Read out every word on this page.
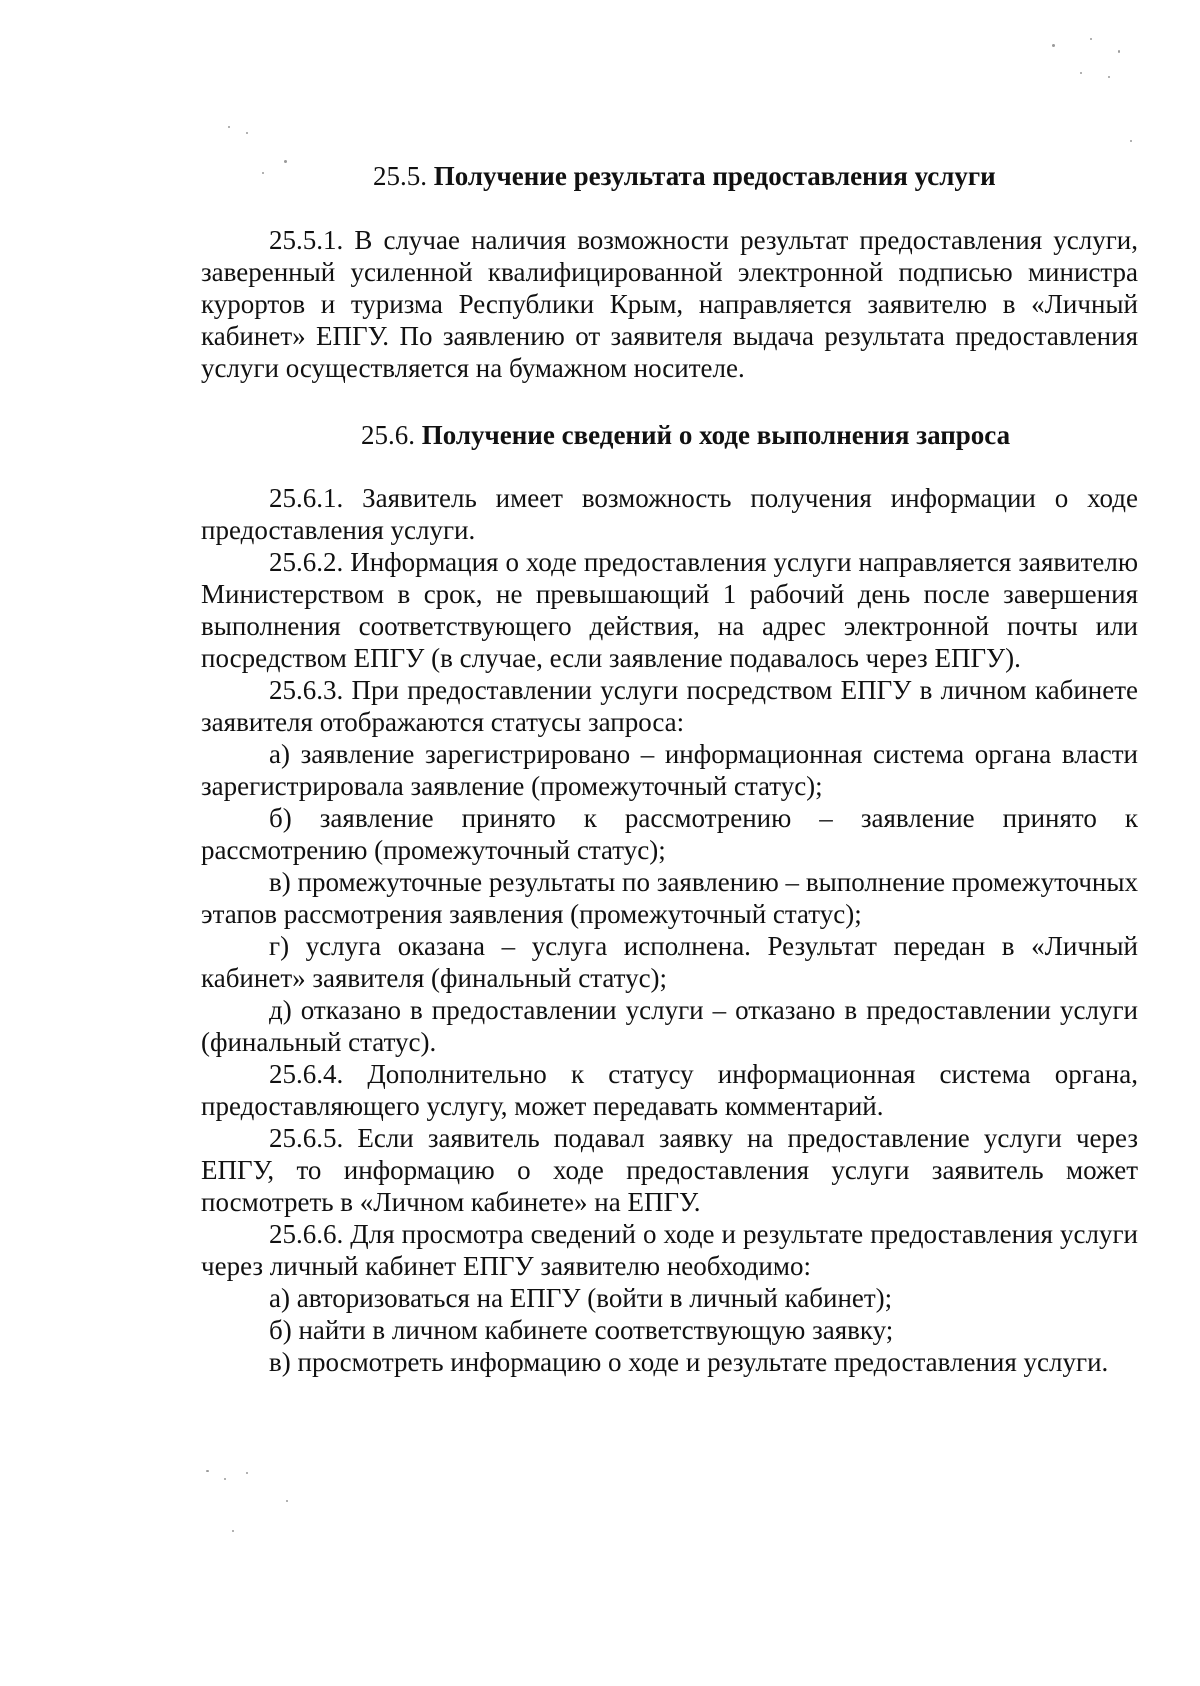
25.5. Получение результата предоставления услуги

25.5.1. В случае наличия возможности результат предоставления услуги, заверенный усиленной квалифицированной электронной подписью министра курортов и туризма Республики Крым, направляется заявителю в «Личный кабинет» ЕПГУ. По заявлению от заявителя выдача результата предоставления услуги осуществляется на бумажном носителе.

25.6. Получение сведений о ходе выполнения запроса

25.6.1. Заявитель имеет возможность получения информации о ходе предоставления услуги.

25.6.2. Информация о ходе предоставления услуги направляется заявителю Министерством в срок, не превышающий 1 рабочий день после завершения выполнения соответствующего действия, на адрес электронной почты или посредством ЕПГУ (в случае, если заявление подавалось через ЕПГУ).

25.6.3. При предоставлении услуги посредством ЕПГУ в личном кабинете заявителя отображаются статусы запроса:

а) заявление зарегистрировано – информационная система органа власти зарегистрировала заявление (промежуточный статус);

б) заявление принято к рассмотрению – заявление принято к рассмотрению (промежуточный статус);

в) промежуточные результаты по заявлению – выполнение промежуточных этапов рассмотрения заявления (промежуточный статус);

г) услуга оказана – услуга исполнена. Результат передан в «Личный кабинет» заявителя (финальный статус);

д) отказано в предоставлении услуги – отказано в предоставлении услуги (финальный статус).

25.6.4. Дополнительно к статусу информационная система органа, предоставляющего услугу, может передавать комментарий.

25.6.5. Если заявитель подавал заявку на предоставление услуги через ЕПГУ, то информацию о ходе предоставления услуги заявитель может посмотреть в «Личном кабинете» на ЕПГУ.

25.6.6. Для просмотра сведений о ходе и результате предоставления услуги через личный кабинет ЕПГУ заявителю необходимо:

а) авторизоваться на ЕПГУ (войти в личный кабинет);

б) найти в личном кабинете соответствующую заявку;

в) просмотреть информацию о ходе и результате предоставления услуги.
